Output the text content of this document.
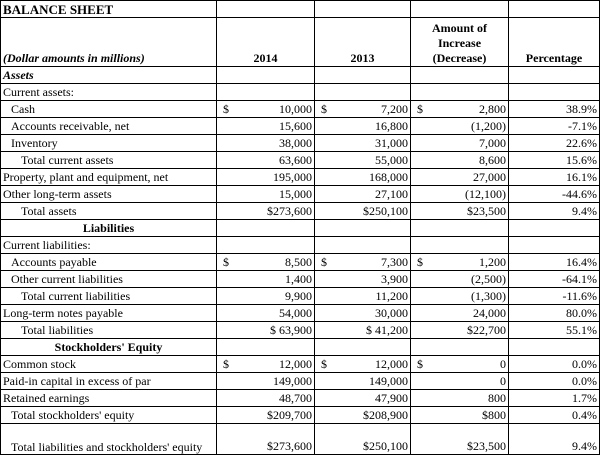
BALANCE SHEET				
(Dollar amounts in millions)	2014	2013	Amount of
Increase
(Decrease)	Percentage
Assets				
Current assets:				
Cash	$ 10,000	$ 7,200	$ 2,800	38.9%
Accounts receivable, net	15,600	16,800	(1,200)	-7.1%
Inventory	38,000	31,000	7,000	22.6%
Total current assets	63,600	55,000	8,600	15.6%
Property, plant and equipment, net	195,000	168,000	27,000	16.1%
Other long-term assets	15,000	27,100	(12,100)	-44.6%
Total assets	$273,600	$250,100	$23,500	9.4%
Liabilities				
Current liabilities:				
Accounts payable	$ 8,500	$ 7,300	$ 1,200	16.4%
Other current liabilities	1,400	3,900	(2,500)	-64.1%
Total current liabilities	9,900	11,200	(1,300)	-11.6%
Long-term notes payable	54,000	30,000	24,000	80.0%
Total liabilities	$ 63,900	$ 41,200	$22,700	55.1%
Stockholders' Equity				
Common stock	$ 12,000	$ 12,000	$ 0	0.0%
Paid-in capital in excess of par	149,000	149,000	0	0.0%
Retained earnings	48,700	47,900	800	1.7%
Total stockholders' equity	$209,700	$208,900	$800	0.4%
Total liabilities and stockholders' equity	$273,600	$250,100	$23,500	9.4%
